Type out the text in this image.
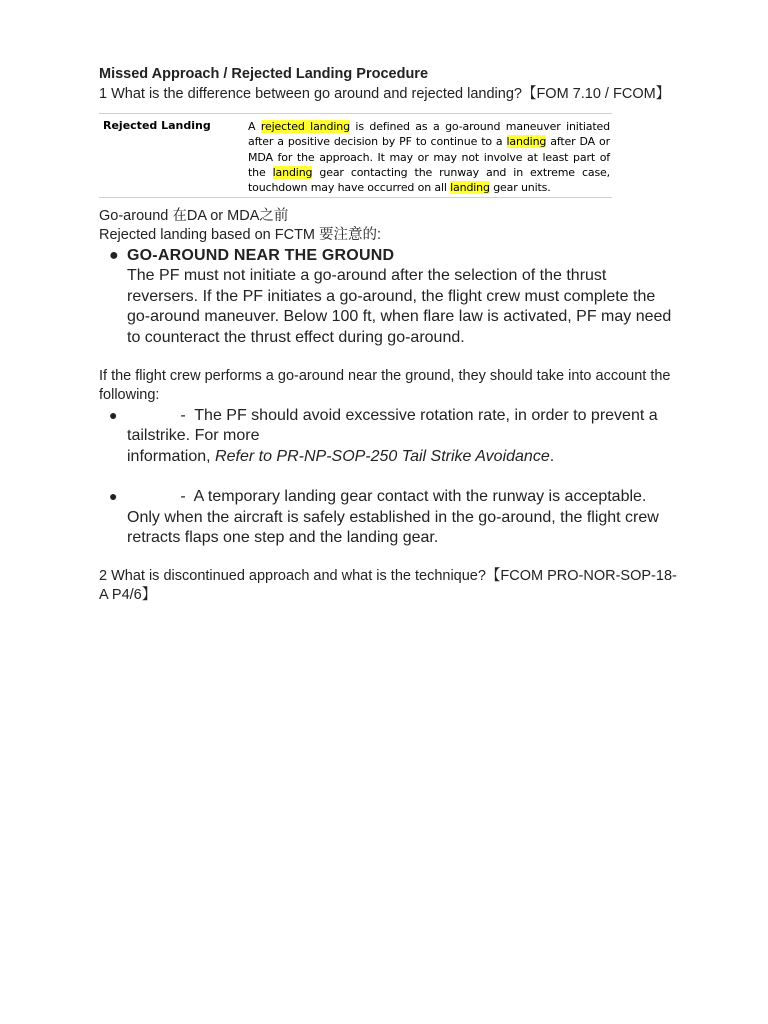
Missed Approach / Rejected Landing Procedure

1 What is the difference between go around and rejected landing?【FOM 7.10 / FCOM】

Rejected Landing	A rejected landing is defined as a go-around maneuver initiated after a positive decision by PF to continue to a landing after DA or MDA for the approach. It may or may not involve at least part of the landing gear contacting the runway and in extreme case, touchdown may have occurred on all landing gear units.

Go-around 在DA or MDA之前

Rejected landing based on FCTM 要注意的:

● GO-AROUND NEAR THE GROUND
The PF must not initiate a go-around after the selection of the thrust reversers. If the PF initiates a go-around, the flight crew must complete the go-around maneuver. Below 100 ft, when flare law is activated, PF may need to counteract the thrust effect during go-around.

If the flight crew performs a go-around near the ground, they should take into account the following:

● -  The PF should avoid excessive rotation rate, in order to prevent a tailstrike. For more
information, Refer to PR-NP-SOP-250 Tail Strike Avoidance.
● -  A temporary landing gear contact with the runway is acceptable.
Only when the aircraft is safely established in the go-around, the flight crew retracts flaps one step and the landing gear.

2 What is discontinued approach and what is the technique?【FCOM PRO-NOR-SOP-18-A P4/6】
